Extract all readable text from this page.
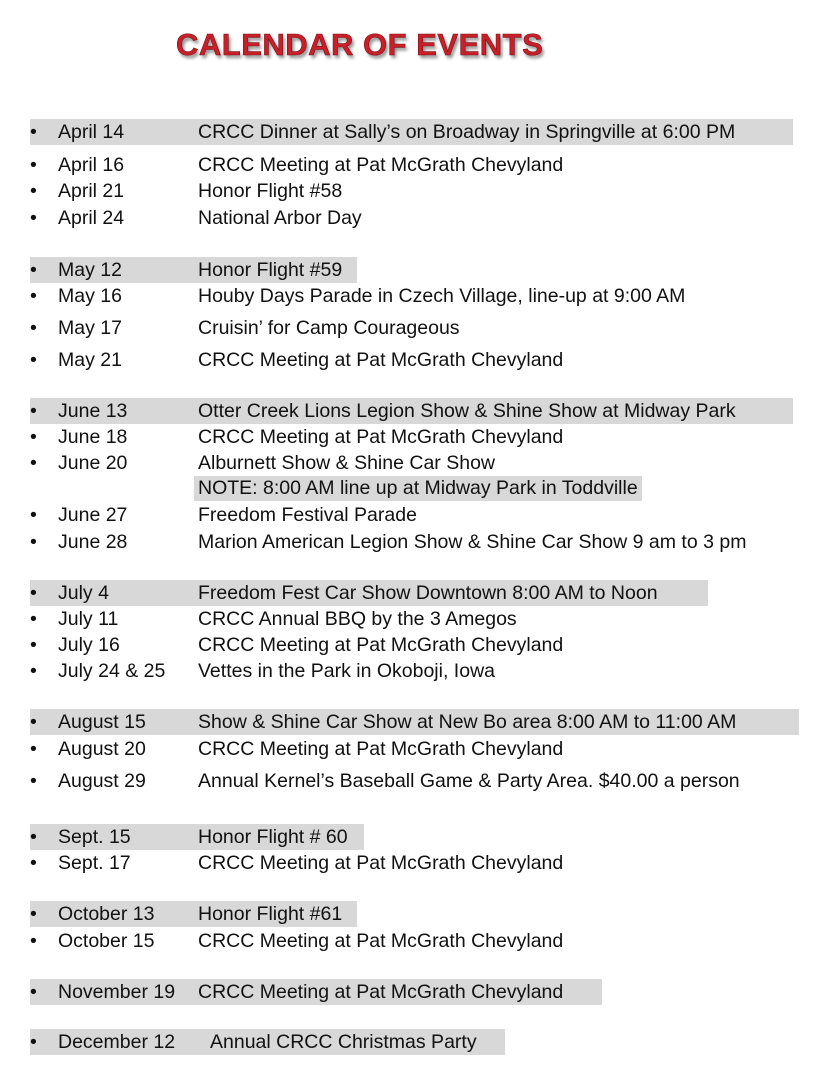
CALENDAR OF EVENTS
•	April 14	CRCC Dinner at Sally’s on Broadway in Springville at 6:00 PM
•	April 16	CRCC Meeting at Pat McGrath Chevyland
•	April 21	Honor Flight #58
•	April 24	National Arbor Day
•	May 12	Honor Flight #59
•	May 16	Houby Days Parade in Czech Village, line-up at 9:00 AM
•	May 17	Cruisin’ for Camp Courageous
•	May 21	CRCC Meeting at Pat McGrath Chevyland
•	June 13	Otter Creek Lions Legion Show & Shine Show at Midway Park
•	June 18	CRCC Meeting at Pat McGrath Chevyland
•	June 20	Alburnett Show & Shine Car Show
NOTE: 8:00 AM line up at Midway Park in Toddville
•	June 27	Freedom Festival Parade
•	June 28	Marion American Legion Show & Shine Car Show 9 am to 3 pm
•	July 4	Freedom Fest Car Show Downtown 8:00 AM to Noon
•	July 11	CRCC Annual BBQ by the 3 Amegos
•	July 16	CRCC Meeting at Pat McGrath Chevyland
•	July 24 & 25 Vettes in the Park in Okoboji, Iowa
•	August 15	Show & Shine Car Show at New Bo area 8:00 AM to 11:00 AM
•	August 20	CRCC Meeting at Pat McGrath Chevyland
•	August 29	Annual Kernel’s Baseball Game & Party Area. $40.00 a person
•	Sept. 15	Honor Flight # 60
•	Sept. 17	CRCC Meeting at Pat McGrath Chevyland
•	October 13 Honor Flight #61
•	October 15 CRCC Meeting at Pat McGrath Chevyland
•	November 19 CRCC Meeting at Pat McGrath Chevyland
•	December 12 Annual CRCC Christmas Party
